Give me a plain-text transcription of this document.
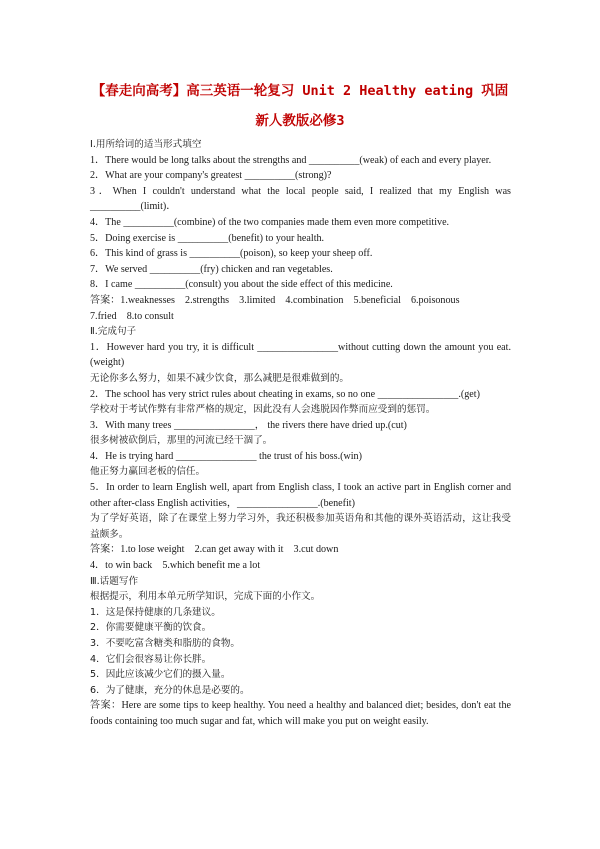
【春走向高考】高三英语一轮复习 Unit 2 Healthy eating 巩固
新人教版必修3

Ⅰ.用所给词的适当形式填空

1．There would be long talks about the strengths and __________(weak) of each and every player.

2．What are your company's greatest __________(strong)?

3．When I couldn't understand what the local people said, I realized that my English was __________(limit)．

4．The __________(combine) of the two companies made them even more competitive.

5．Doing exercise is __________(benefit) to your health.

6．This kind of grass is __________(poison), so keep your sheep off.

7．We served __________(fry) chicken and ran vegetables.

8．I came __________(consult) you about the side effect of this medicine.

答案：1.weaknesses　2.strengths　3.limited　4.combination　5.beneficial　6.poisonous

7.fried　8.to consult

Ⅱ.完成句子

1．However hard you try, it is difficult ________________without cutting down the amount you eat.(weight)

无论你多么努力，如果不减少饮食，那么减肥是很难做到的。

2．The school has very strict rules about cheating in exams, so no one ________________.(get)

学校对于考试作弊有非常严格的规定，因此没有人会逃脱因作弊而应受到的惩罚。

3．With many trees ________________， the rivers there have dried up.(cut)

很多树被砍倒后，那里的河流已经干涸了。

4．He is trying hard ________________ the trust of his boss.(win)

他正努力赢回老板的信任。

5．In order to learn English well, apart from English class, I took an active part in English corner and other after-class English activities，________________.(benefit)

为了学好英语，除了在课堂上努力学习外，我还积极参加英语角和其他的课外英语活动，这让我受益颇多。

答案：1.to lose weight　2.can get away with it　3.cut down

4．to win back　5.which benefit me a lot

Ⅲ.话题写作

根据提示，利用本单元所学知识，完成下面的小作文。

1．这是保持健康的几条建议。

2．你需要健康平衡的饮食。

3．不要吃富含糖类和脂肪的食物。

4．它们会很容易让你长胖。

5．因此应该减少它们的摄入量。

6．为了健康，充分的休息是必要的。

答案：Here are some tips to keep healthy. You need a healthy and balanced diet; besides, don't eat the foods containing too much sugar and fat, which will make you put on weight easily.
